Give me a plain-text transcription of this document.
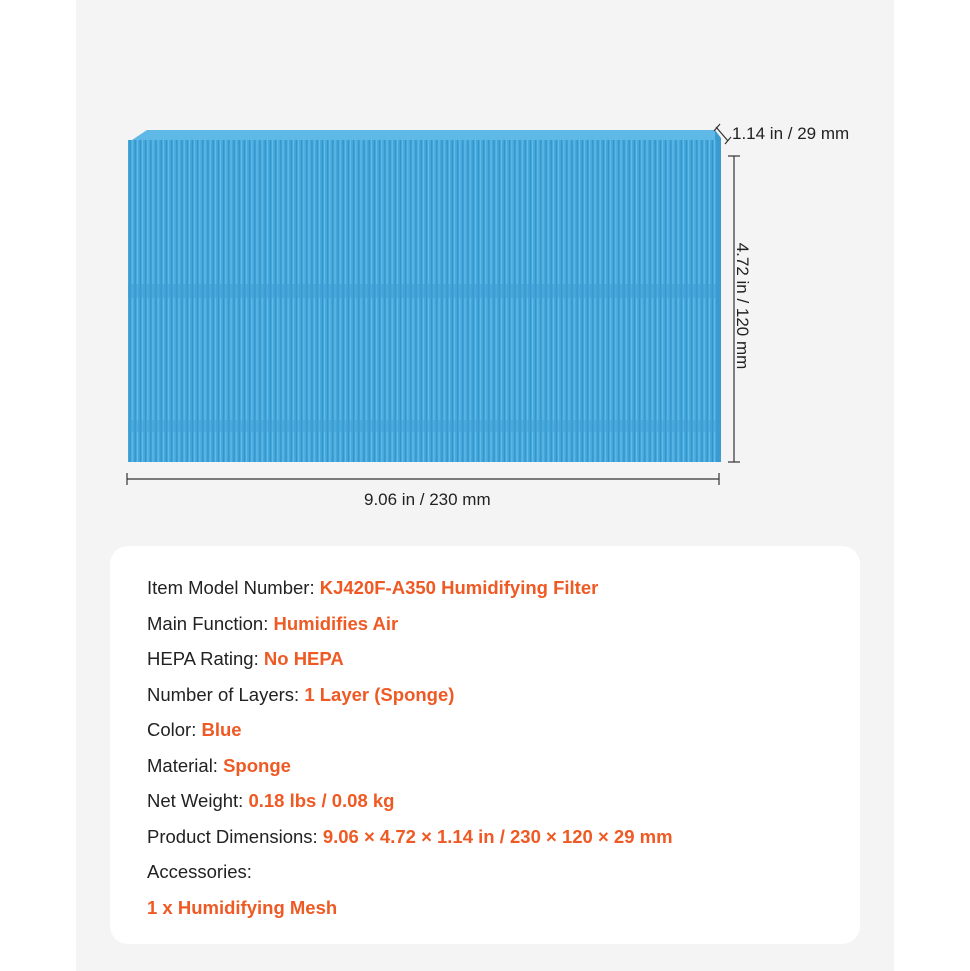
1.14 in / 29 mm
4.72 in / 120 mm
9.06 in / 230 mm
Item Model Number: KJ420F-A350 Humidifying Filter
Main Function: Humidifies Air
HEPA Rating: No HEPA
Number of Layers: 1 Layer (Sponge)
Color: Blue
Material: Sponge
Net Weight: 0.18 lbs / 0.08 kg
Product Dimensions: 9.06 × 4.72 × 1.14 in / 230 × 120 × 29 mm
Accessories:
1 x Humidifying Mesh
